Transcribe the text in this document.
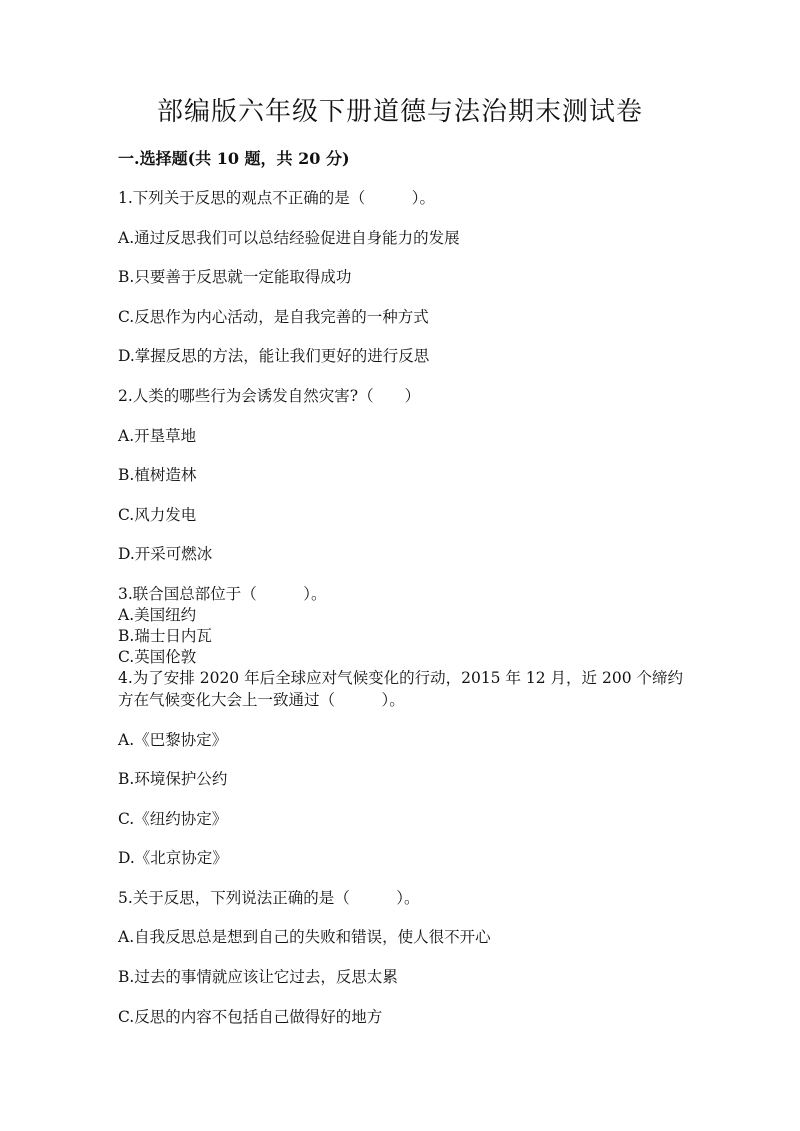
部编版六年级下册道德与法治期末测试卷
一.选择题(共 10 题，共 20 分)
1.下列关于反思的观点不正确的是（　　　）。
A.通过反思我们可以总结经验促进自身能力的发展
B.只要善于反思就一定能取得成功
C.反思作为内心活动，是自我完善的一种方式
D.掌握反思的方法，能让我们更好的进行反思
2.人类的哪些行为会诱发自然灾害?（　　）
A.开垦草地
B.植树造林
C.风力发电
D.开采可燃冰
3.联合国总部位于（　　　）。
A.美国纽约
B.瑞士日内瓦
C.英国伦敦
4.为了安排 2020 年后全球应对气候变化的行动，2015 年 12 月，近 200 个缔约
方在气候变化大会上一致通过（　　　）。
A.《巴黎协定》
B.环境保护公约
C.《纽约协定》
D.《北京协定》
5.关于反思，下列说法正确的是（　　　）。
A.自我反思总是想到自己的失败和错误，使人很不开心
B.过去的事情就应该让它过去，反思太累
C.反思的内容不包括自己做得好的地方
